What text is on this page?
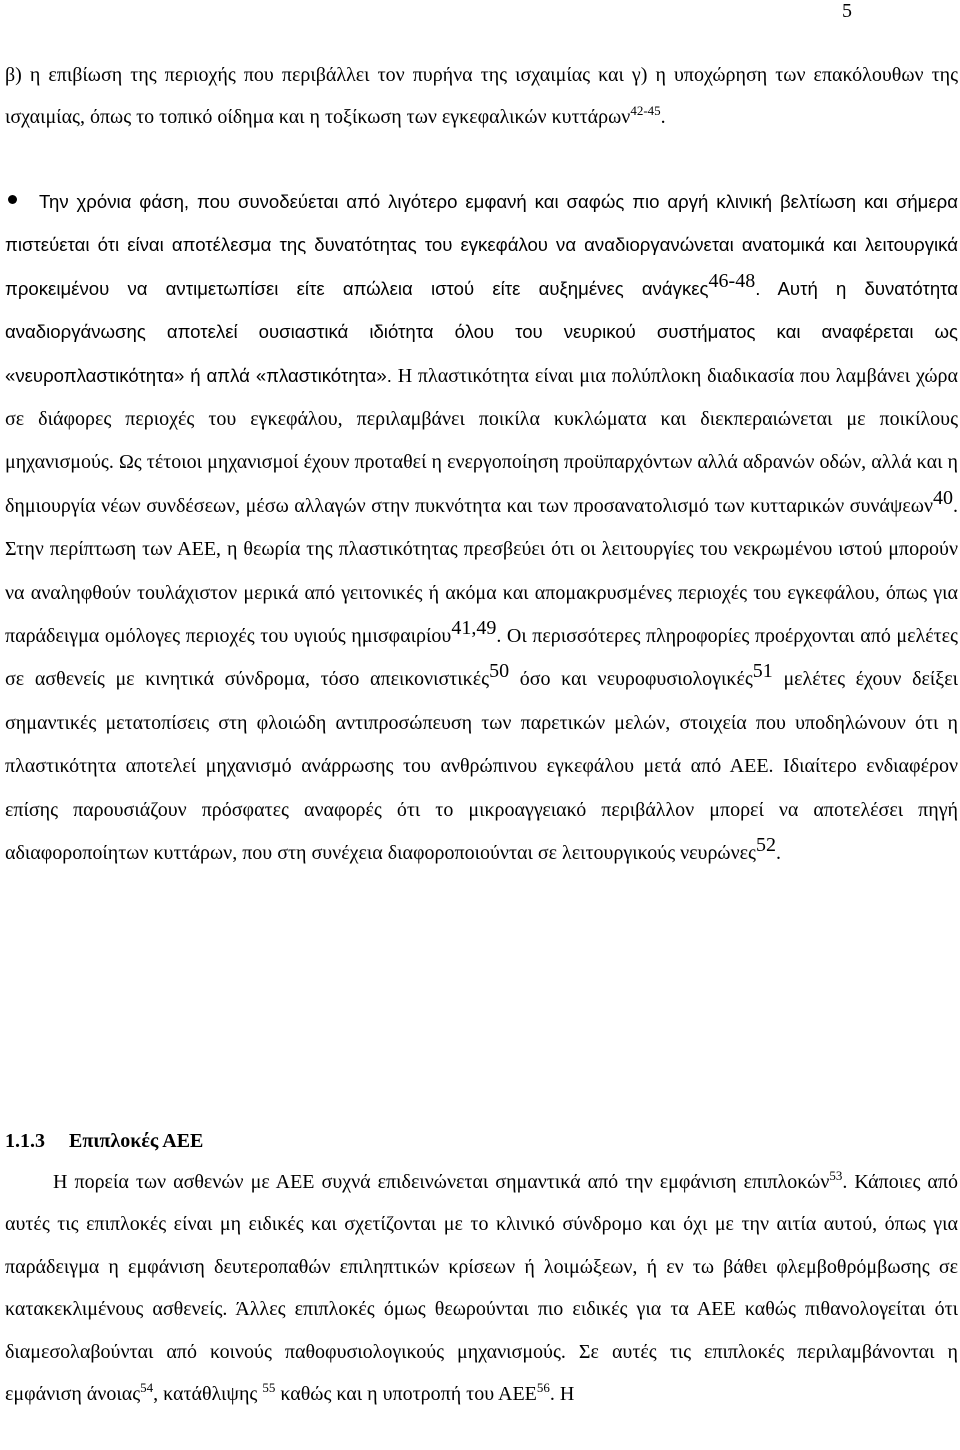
5

β) η επιβίωση της περιοχής που περιβάλλει τον πυρήνα της ισχαιμίας και γ) η υποχώρηση των επακόλουθων της ισχαιμίας, όπως το τοπικό οίδημα και η τοξίκωση των εγκεφαλικών κυττάρων$^{42-45}$.

Την χρόνια φάση, που συνοδεύεται από λιγότερο εμφανή και σαφώς πιο αργή κλινική βελτίωση και σήμερα πιστεύεται ότι είναι αποτέλεσμα της δυνατότητας του εγκεφάλου να αναδιοργανώνεται ανατομικά και λειτουργικά προκειμένου να αντιμετωπίσει είτε απώλεια ιστού είτε αυξημένες ανάγκες$^{46-48}$. Αυτή η δυνατότητα αναδιοργάνωσης αποτελεί ουσιαστικά ιδιότητα όλου του νευρικού συστήματος και αναφέρεται ως «νευροπλαστικότητα» ή απλά «πλαστικότητα». Η πλαστικότητα είναι μια πολύπλοκη διαδικασία που λαμβάνει χώρα σε διάφορες περιοχές του εγκεφάλου, περιλαμβάνει ποικίλα κυκλώματα και διεκπεραιώνεται με ποικίλους μηχανισμούς. Ως τέτοιοι μηχανισμοί έχουν προταθεί η ενεργοποίηση προϋπαρχόντων αλλά αδρανών οδών, αλλά και η δημιουργία νέων συνδέσεων, μέσω αλλαγών στην πυκνότητα και των προσανατολισμό των κυτταρικών συνάψεων$^{40}$. Στην περίπτωση των ΑΕΕ, η θεωρία της πλαστικότητας πρεσβεύει ότι οι λειτουργίες του νεκρωμένου ιστού μπορούν να αναληφθούν τουλάχιστον μερικά από γειτονικές ή ακόμα και απομακρυσμένες περιοχές του εγκεφάλου, όπως για παράδειγμα ομόλογες περιοχές του υγιούς ημισφαιρίου$^{41,49}$. Οι περισσότερες πληροφορίες προέρχονται από μελέτες σε ασθενείς με κινητικά σύνδρομα, τόσο απεικονιστικές$^{50}$ όσο και νευροφυσιολογικές$^{51}$ μελέτες έχουν δείξει σημαντικές μετατοπίσεις στη φλοιώδη αντιπροσώπευση των παρετικών μελών, στοιχεία που υποδηλώνουν ότι η πλαστικότητα αποτελεί μηχανισμό ανάρρωσης του ανθρώπινου εγκεφάλου μετά από ΑΕΕ. Ιδιαίτερο ενδιαφέρον επίσης παρουσιάζουν πρόσφατες αναφορές ότι το μικροαγγειακό περιβάλλον μπορεί να αποτελέσει πηγή αδιαφοροποίητων κυττάρων, που στη συνέχεια διαφοροποιούνται σε λειτουργικούς νευρώνες$^{52}$.

1.1.3 Επιπλοκές ΑΕΕ

Η πορεία των ασθενών με ΑΕΕ συχνά επιδεινώνεται σημαντικά από την εμφάνιση επιπλοκών$^{53}$. Κάποιες από αυτές τις επιπλοκές είναι μη ειδικές και σχετίζονται με το κλινικό σύνδρομο και όχι με την αιτία αυτού, όπως για παράδειγμα η εμφάνιση δευτεροπαθών επιληπτικών κρίσεων ή λοιμώξεων, ή εν τω βάθει φλεμβοθρόμβωσης σε κατακεκλιμένους ασθενείς. Άλλες επιπλοκές όμως θεωρούνται πιο ειδικές για τα ΑΕΕ καθώς πιθανολογείται ότι διαμεσολαβούνται από κοινούς παθοφυσιολογικούς μηχανισμούς. Σε αυτές τις επιπλοκές περιλαμβάνονται η εμφάνιση άνοιας$^{54}$, κατάθλιψης $^{55}$ καθώς και η υποτροπή του ΑΕΕ$^{56}$. Η
